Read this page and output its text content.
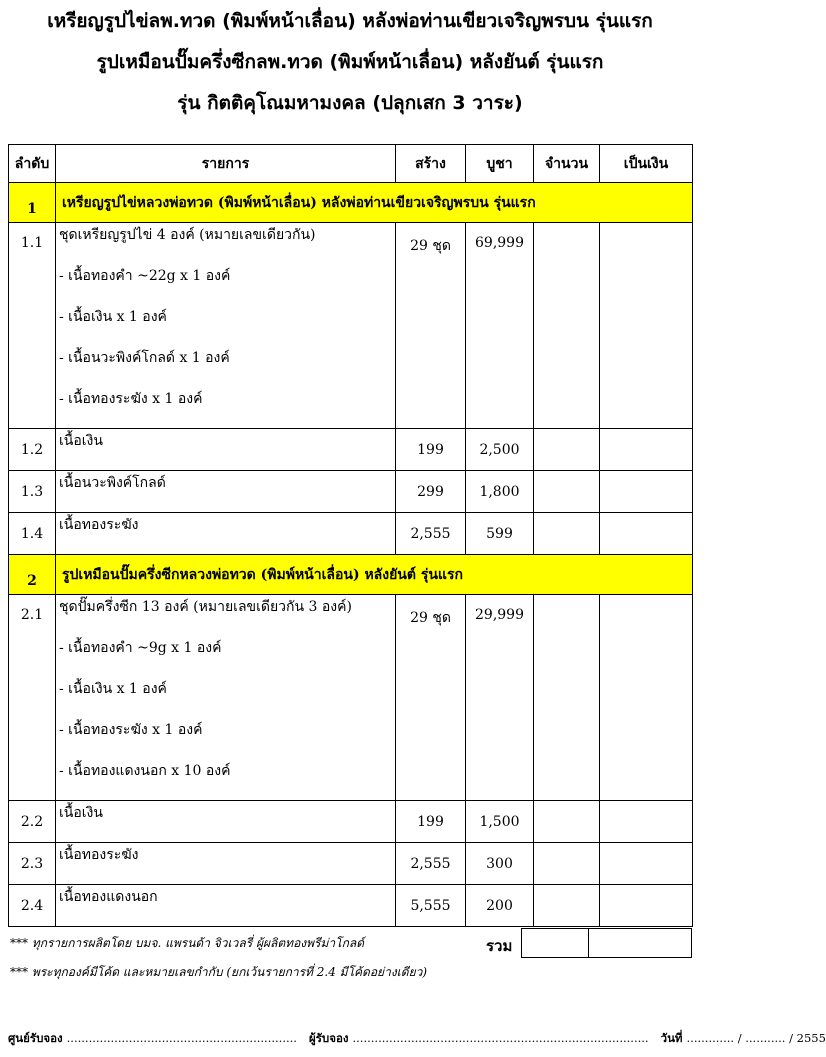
เหรียญรูปไข่ลพ.ทวด (พิมพ์หน้าเลื่อน) หลังพ่อท่านเขียวเจริญพรบน รุ่นแรก
รูปเหมือนปั๊มครึ่งซีกลพ.ทวด (พิมพ์หน้าเลื่อน) หลังยันต์ รุ่นแรก
รุ่น กิตติคุโณมหามงคล (ปลุกเสก 3 วาระ)
ลำดับ	รายการ	สร้าง	บูชา	จำนวน	เป็นเงิน
1	เหรียญรูปไข่หลวงพ่อทวด (พิมพ์หน้าเลื่อน) หลังพ่อท่านเขียวเจริญพรบน รุ่นแรก				
1.1	ชุดเหรียญรูปไข่ 4 องค์ (หมายเลขเดียวกัน)
- เนื้อทองคำ ~22g x 1 องค์
- เนื้อเงิน x 1 องค์
- เนื้อนวะพิงค์โกลด์ x 1 องค์
- เนื้อทองระฆัง x 1 องค์	29 ชุด	69,999		
1.2	เนื้อเงิน	199	2,500		
1.3	เนื้อนวะพิงค์โกลด์	299	1,800		
1.4	เนื้อทองระฆัง	2,555	599		
2	รูปเหมือนปั๊มครึ่งซีกหลวงพ่อทวด (พิมพ์หน้าเลื่อน) หลังยันต์ รุ่นแรก				
2.1	ชุดปั๊มครึ่งซีก 13 องค์ (หมายเลขเดียวกัน 3 องค์)
- เนื้อทองคำ ~9g x 1 องค์
- เนื้อเงิน x 1 องค์
- เนื้อทองระฆัง x 1 องค์
- เนื้อทองแดงนอก x 10 องค์	29 ชุด	29,999		
2.2	เนื้อเงิน	199	1,500		
2.3	เนื้อทองระฆัง	2,555	300		
2.4	เนื้อทองแดงนอก	5,555	200		
*** ทุกรายการผลิตโดย บมจ. แพรนด้า จิวเวลรี่ ผู้ผลิตทองพรีม่าโกลด์
*** พระทุกองค์มีโค้ด และหมายเลขกำกับ (ยกเว้นรายการที่ 2.4 มีโค้ดอย่างเดียว)
รวม
ศูนย์รับจอง ............................................................... ผู้รับจอง ................................................................................. วันที่ ............. / ........... / 2555
